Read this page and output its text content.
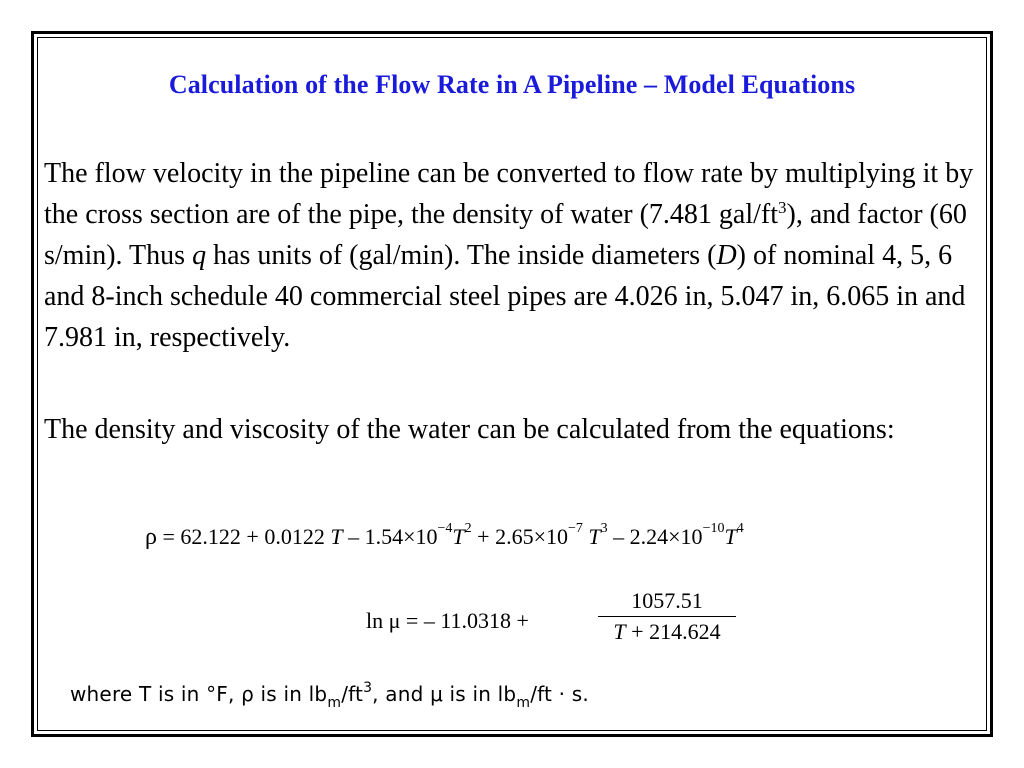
Calculation of the Flow Rate in A Pipeline – Model Equations
The flow velocity in the pipeline can be converted to flow rate by multiplying it by the cross section are of the pipe, the density of water (7.481 gal/$ft^3$), and factor (60 s/min). Thus q has units of (gal/min). The inside diameters (D) of nominal 4, 5, 6 and 8-inch schedule 40 commercial steel pipes are 4.026 in, 5.047 in, 6.065 in and 7.981 in, respectively.
The density and viscosity of the water can be calculated from the equations:
ρ = 62.122 + 0.0122 $T - 1.54\times 10^{-4}T^2 + 2.65\times 10^{-7}$ $T^3 - 2.24\times 10^{-10}T^4$
ln μ = – 11.0318 +	$\frac{1057.51}{T + 214.624}$
where T is in °F, ρ is in $lb_m/ft^3$, and μ is in $lb_m/ft \cdot s$.
